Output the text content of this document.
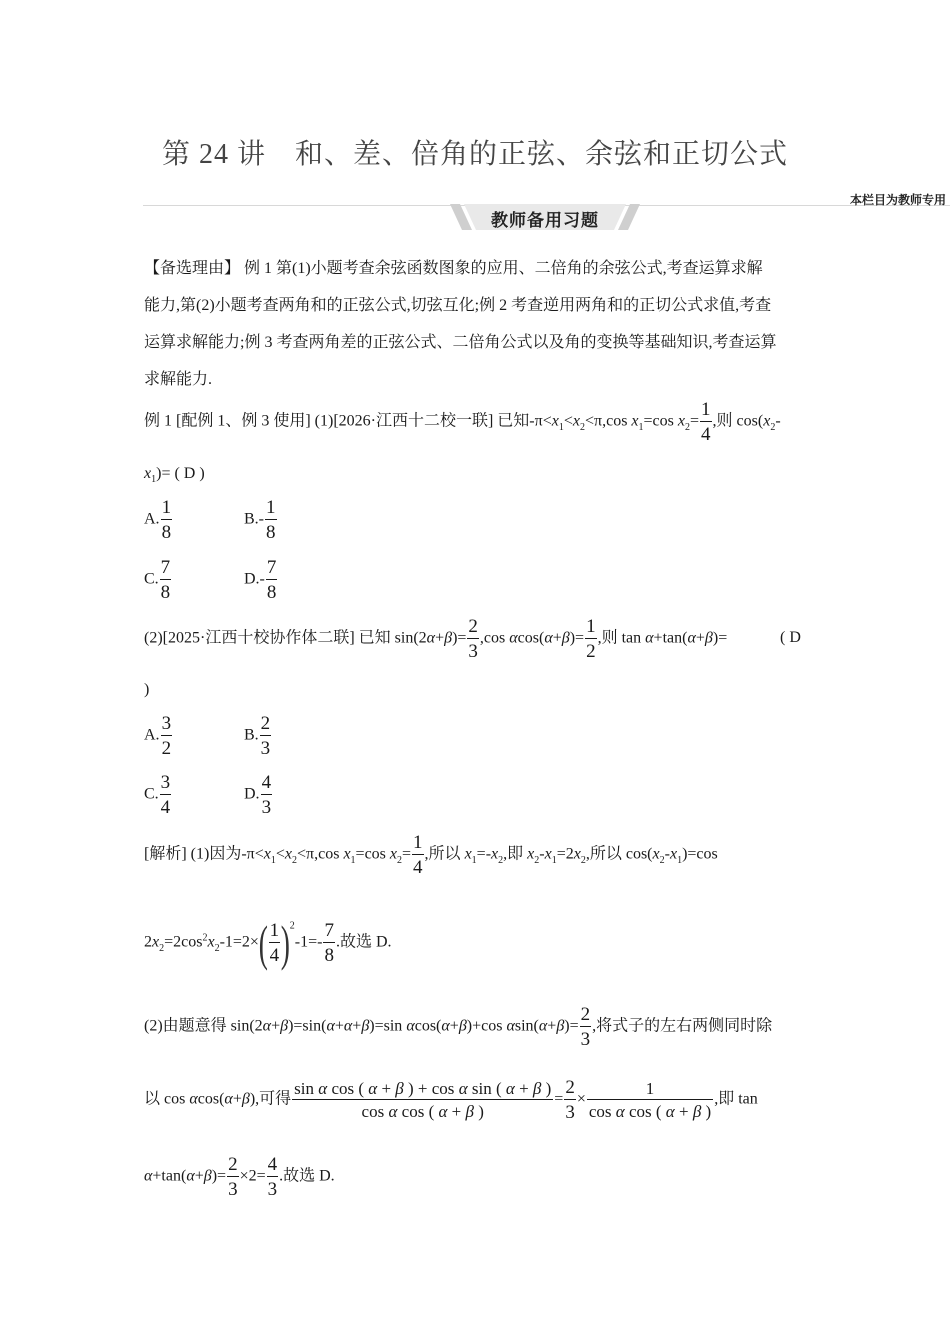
第 24 讲　和、差、倍角的正弦、余弦和正切公式
本栏目为教师专用
教师备用习题
【备选理由】 例 1 第(1)小题考查余弦函数图象的应用、二倍角的余弦公式,考查运算求解
能力,第(2)小题考查两角和的正弦公式,切弦互化;例 2 考查逆用两角和的正切公式求值,考查
运算求解能力;例 3 考查两角差的正弦公式、二倍角公式以及角的变换等基础知识,考查运算
求解能力.
例 1 [配例 1、例 3 使用] (1)[2026·江西十二校一联] 已知$-\pi<x_1<x_2<\pi,\cos$ $x_1=\cos$ $x_2= \frac{1}{4}$ ,则 $\cos(x_2-$
$x_1)=$ ( D )
A. $\frac{1}{8}$	$B.- \frac{1}{8}$
C. $\frac{7}{8}$	$D.- \frac{7}{8}$
(2)[2025·江西十校协作体二联] 已知 $\sin(2\alpha+\beta)= \frac{2}{3} ,\cos$ $\alpha\cos(\alpha+\beta)= \frac{1}{2}$ ,则 tan α+tan(α+β)=	( D
)
A. $\frac{3}{2}$	B. $\frac{2}{3}$
C. $\frac{3}{4}$	D. $\frac{4}{3}$
[解析] (1)因为$-\pi<x_1<x_2<\pi,\cos$ $x_1=\cos$ $x_2= \frac{1}{4}$ ,所以 $x_1=-x_2$,即 $x_2-x_1=2x_2$,所以 $\cos(x_2-x_1)=\cos$
$2x_2=2\cos^2x_2-1=2\times( \frac{1}{4} )^2-1=- \frac{7}{8}$ .故选 D.
(2)由题意得 sin(2α+β)=sin(α+α+β)=sin αcos(α+β)+cos $\alpha\sin(\alpha+\beta)= \frac{2}{3}$ ,将式子的左右两侧同时除
以 cos αcos(α+β),可得 $\frac{\text{sin α cos ( α + β ) + cos α sin ( α + β )}}{\text{cos α cos ( α + β )}} = \frac{2}{3} \times \frac{1}{\text{cos α cos ( α + β )}}$ ,即 tan
$\alpha+\tan(\alpha+\beta)= \frac{2}{3} \times 2= \frac{4}{3}$ .故选 D.
